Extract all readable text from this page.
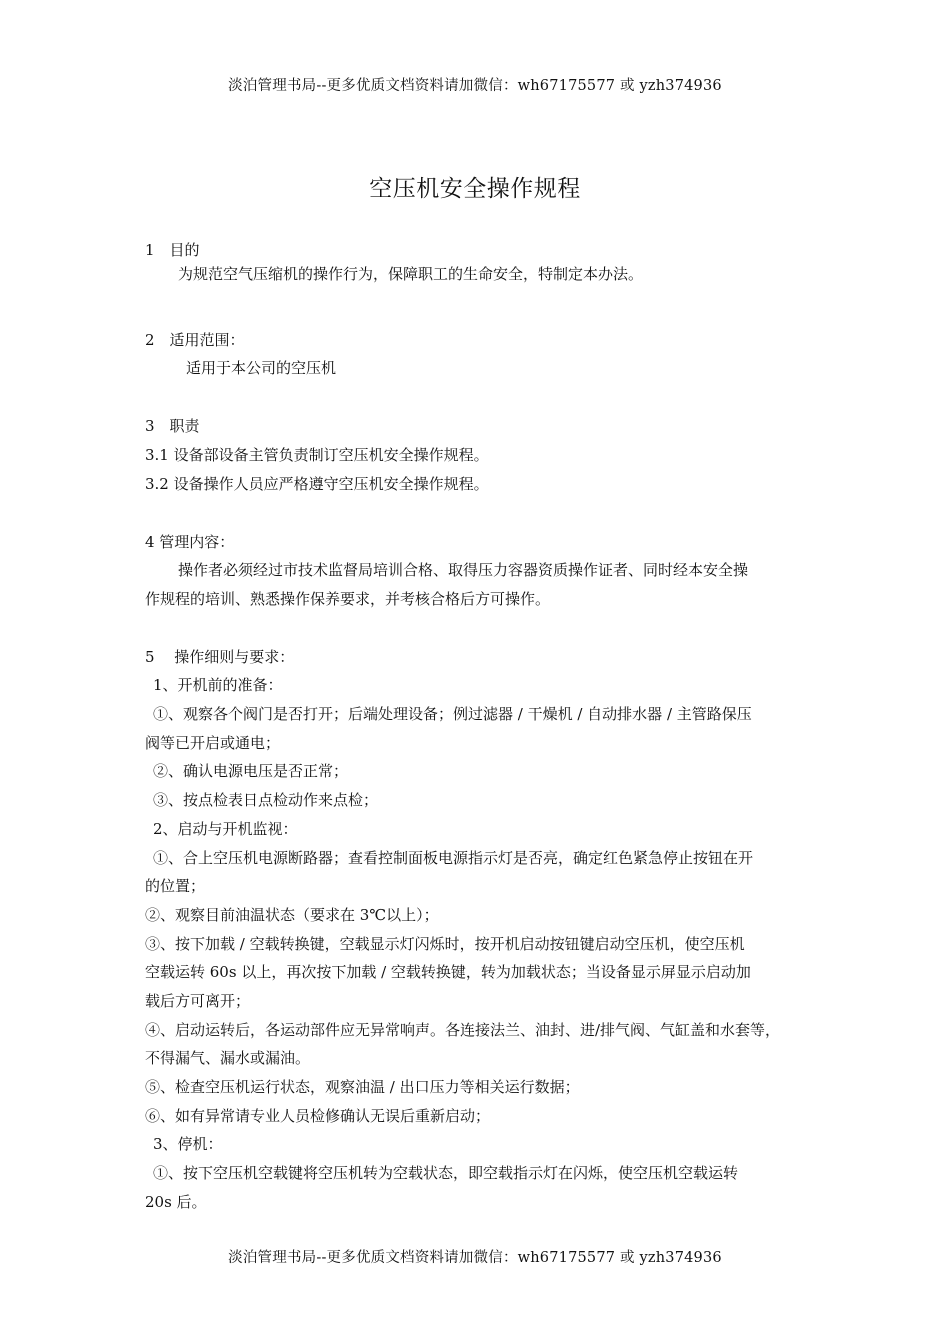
淡泊管理书局--更多优质文档资料请加微信：wh67175577 或 yzh374936
空压机安全操作规程
1　目的
为规范空气压缩机的操作行为，保障职工的生命安全，特制定本办法。
2　适用范围：
适用于本公司的空压机
3　职责
3.1 设备部设备主管负责制订空压机安全操作规程。
3.2 设备操作人员应严格遵守空压机安全操作规程。
4 管理内容：
操作者必须经过市技术监督局培训合格、取得压力容器资质操作证者、同时经本安全操
作规程的培训、熟悉操作保养要求，并考核合格后方可操作。
5　 操作细则与要求：
1、开机前的准备：
①、观察各个阀门是否打开；后端处理设备；例过滤器 / 干燥机 / 自动排水器 / 主管路保压
阀等已开启或通电；
②、确认电源电压是否正常；
③、按点检表日点检动作来点检；
2、启动与开机监视：
①、合上空压机电源断路器；查看控制面板电源指示灯是否亮，确定红色紧急停止按钮在开
的位置；
②、观察目前油温状态（要求在 3℃以上）；
③、按下加载 / 空载转换键，空载显示灯闪烁时，按开机启动按钮键启动空压机，使空压机
空载运转 60s 以上，再次按下加载 / 空载转换键，转为加载状态；当设备显示屏显示启动加
载后方可离开；
④、启动运转后，各运动部件应无异常响声。各连接法兰、油封、进/排气阀、气缸盖和水套等，
不得漏气、漏水或漏油。
⑤、检查空压机运行状态，观察油温 / 出口压力等相关运行数据；
⑥、如有异常请专业人员检修确认无误后重新启动；
3、停机：
①、按下空压机空载键将空压机转为空载状态，即空载指示灯在闪烁，使空压机空载运转
20s 后。
淡泊管理书局--更多优质文档资料请加微信：wh67175577 或 yzh374936
